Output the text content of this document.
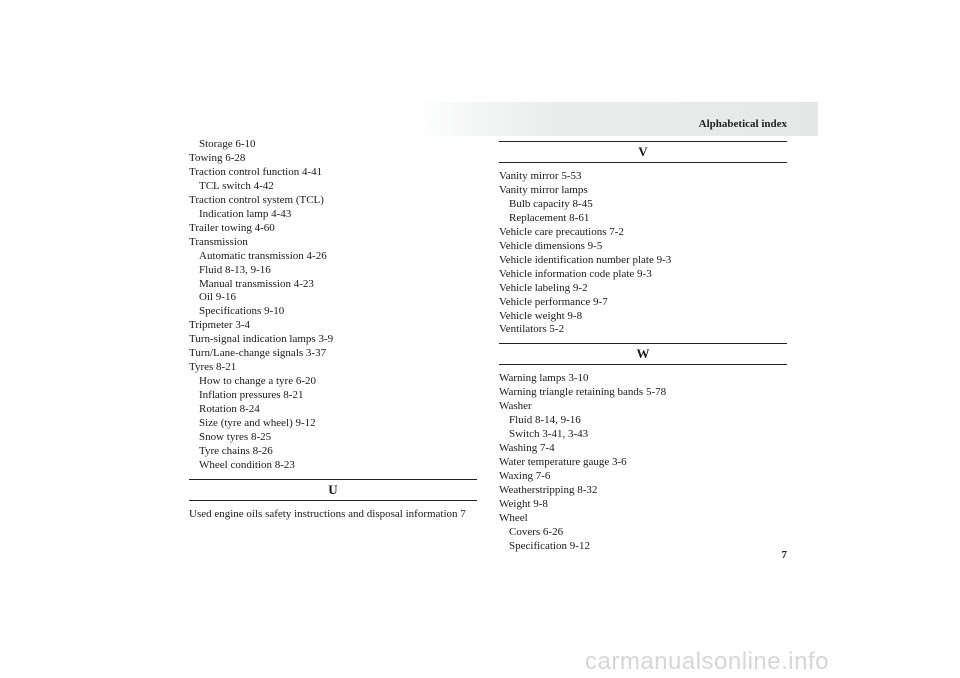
Alphabetical index
Storage 6-10
Towing 6-28
Traction control function 4-41
TCL switch 4-42
Traction control system (TCL)
Indication lamp 4-43
Trailer towing 4-60
Transmission
Automatic transmission 4-26
Fluid 8-13, 9-16
Manual transmission 4-23
Oil 9-16
Specifications 9-10
Tripmeter 3-4
Turn-signal indication lamps 3-9
Turn/Lane-change signals 3-37
Tyres 8-21
How to change a tyre 6-20
Inflation pressures 8-21
Rotation 8-24
Size (tyre and wheel) 9-12
Snow tyres 8-25
Tyre chains 8-26
Wheel condition 8-23
U
Used engine oils safety instructions and disposal information 7
V
Vanity mirror 5-53
Vanity mirror lamps
Bulb capacity 8-45
Replacement 8-61
Vehicle care precautions 7-2
Vehicle dimensions 9-5
Vehicle identification number plate 9-3
Vehicle information code plate 9-3
Vehicle labeling 9-2
Vehicle performance 9-7
Vehicle weight 9-8
Ventilators 5-2
W
Warning lamps 3-10
Warning triangle retaining bands 5-78
Washer
Fluid 8-14, 9-16
Switch 3-41, 3-43
Washing 7-4
Water temperature gauge 3-6
Waxing 7-6
Weatherstripping 8-32
Weight 9-8
Wheel
Covers 6-26
Specification 9-12
7
carmanualsonline.info
